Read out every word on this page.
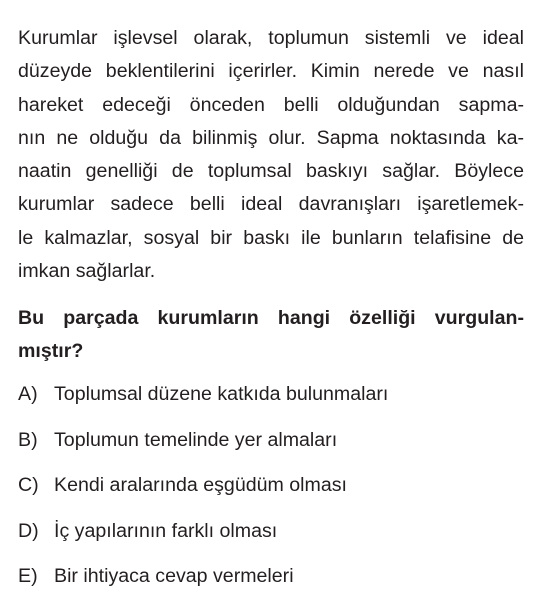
Kurumlar işlevsel olarak, toplumun sistemli ve ideal
düzeyde beklentilerini içerirler. Kimin nerede ve nasıl
hareket edeceği önceden belli olduğundan sapma-
nın ne olduğu da bilinmiş olur. Sapma noktasında ka-
naatin genelliği de toplumsal baskıyı sağlar. Böylece
kurumlar sadece belli ideal davranışları işaretlemek-
le kalmazlar, sosyal bir baskı ile bunların telafisine de
imkan sağlarlar.
Bu parçada kurumların hangi özelliği vurgulan-
mıştır?
A) Toplumsal düzene katkıda bulunmaları
B) Toplumun temelinde yer almaları
C) Kendi aralarında eşgüdüm olması
D) İç yapılarının farklı olması
E) Bir ihtiyaca cevap vermeleri
